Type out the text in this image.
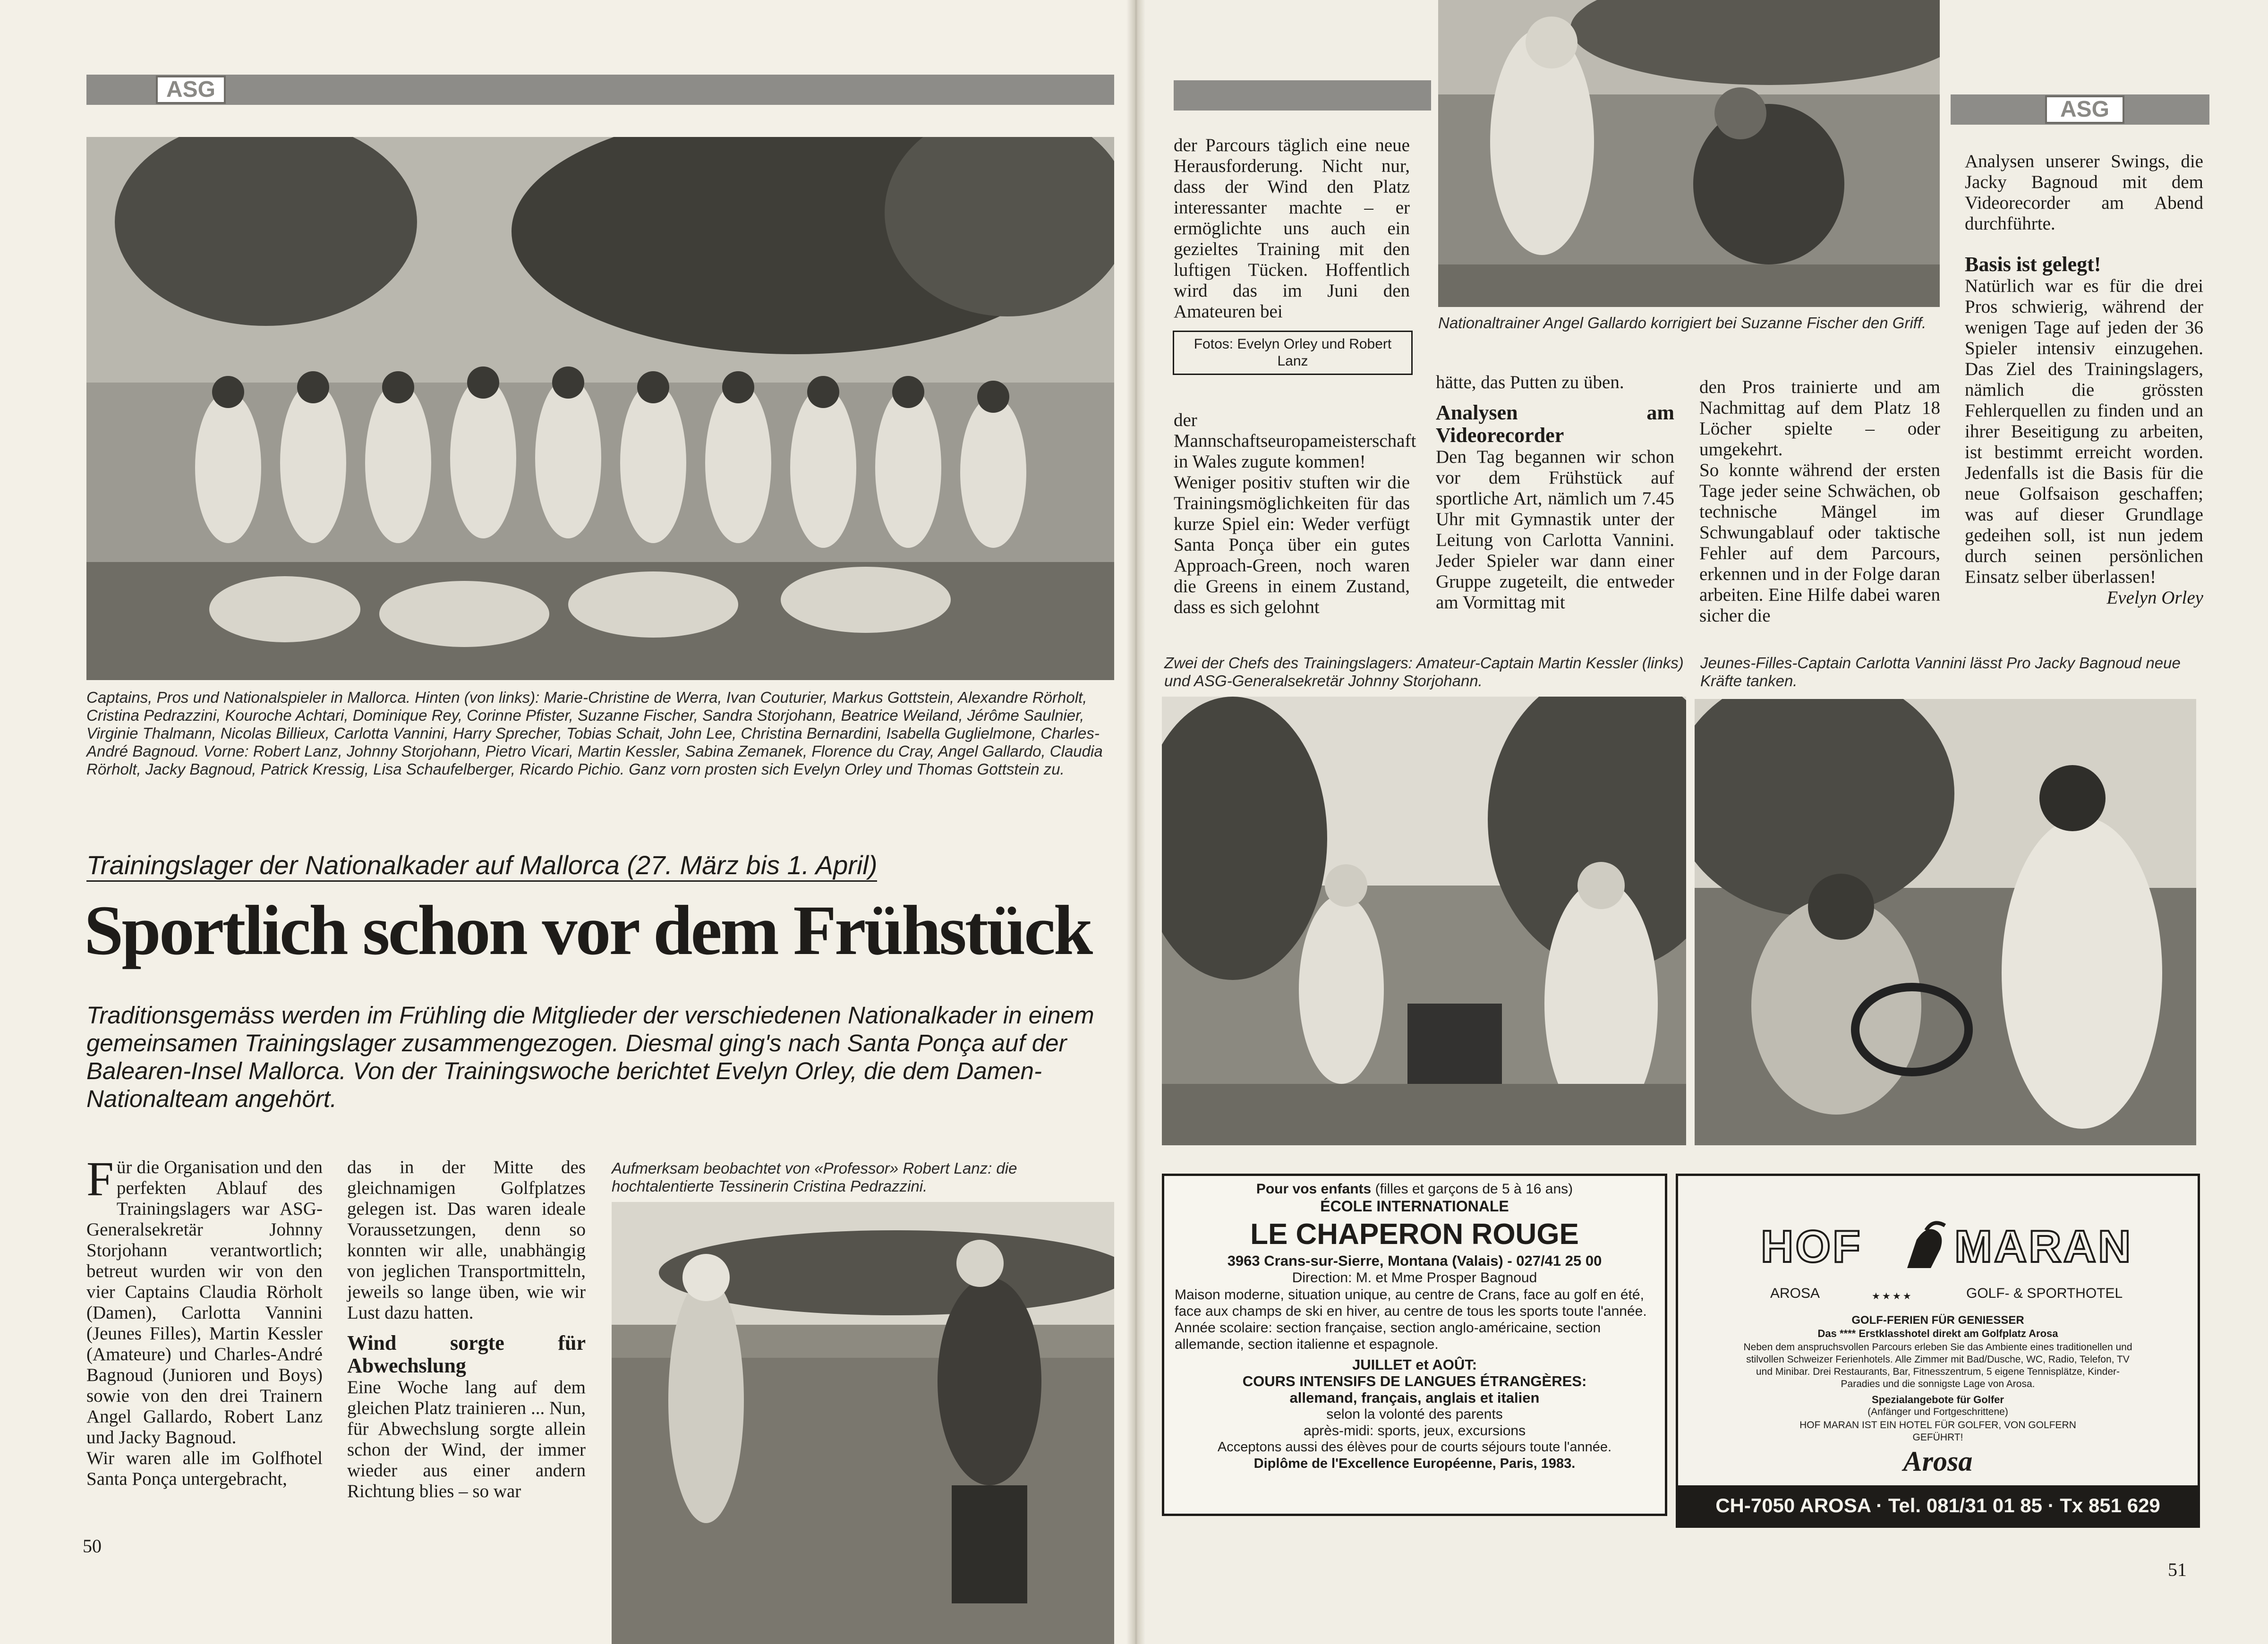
ASG
Captains, Pros und Nationalspieler in Mallorca. Hinten (von links): Marie-Christine de Werra, Ivan Couturier, Markus Gottstein, Alexandre Rörholt, Cristina Pedrazzini, Kouroche Achtari, Dominique Rey, Corinne Pfister, Suzanne Fischer, Sandra Storjohann, Beatrice Weiland, Jérôme Saulnier, Virginie Thalmann, Nicolas Billieux, Carlotta Vannini, Harry Sprecher, Tobias Schait, John Lee, Christina Bernardini, Isabella Guglielmone, Charles-André Bagnoud. Vorne: Robert Lanz, Johnny Storjohann, Pietro Vicari, Martin Kessler, Sabina Zemanek, Florence du Cray, Angel Gallardo, Claudia Rörholt, Jacky Bagnoud, Patrick Kressig, Lisa Schaufelberger, Ricardo Pichio. Ganz vorn prosten sich Evelyn Orley und Thomas Gottstein zu.
Trainingslager der Nationalkader auf Mallorca (27. März bis 1. April)
Sportlich schon vor dem Frühstück
Traditionsgemäss werden im Frühling die Mitglieder der verschiedenen Nationalkader in einem gemeinsamen Trainingslager zusammengezogen. Diesmal ging's nach Santa Ponça auf der Balearen-Insel Mallorca. Von der Trainingswoche berichtet Evelyn Orley, die dem Damen-Nationalteam angehört.

Für die Organisation und den perfekten Ablauf des Trainingslagers war ASG-Generalsekretär Johnny Storjohann verantwortlich; betreut wurden wir von den vier Captains Claudia Rörholt (Damen), Carlotta Vannini (Jeunes Filles), Martin Kessler (Amateure) und Charles-André Bagnoud (Junioren und Boys) sowie von den drei Trainern Angel Gallardo, Robert Lanz und Jacky Bagnoud.

Wir waren alle im Golfhotel Santa Ponça untergebracht,

das in der Mitte des gleichnamigen Golfplatzes gelegen ist. Das waren ideale Voraussetzungen, denn so konnten wir alle, unabhängig von jeglichen Transportmitteln, jeweils so lange üben, wie wir Lust dazu hatten.

Wind sorgte für Abwechslung

Eine Woche lang auf dem gleichen Platz trainieren ... Nun, für Abwechslung sorgte allein schon der Wind, der immer wieder aus einer andern Richtung blies – so war

Aufmerksam beobachtet von «Professor» Robert Lanz: die hochtalentierte Tessinerin Cristina Pedrazzini.
50
ASG

der Parcours täglich eine neue Herausforderung. Nicht nur, dass der Wind den Platz interessanter machte – er ermöglichte uns auch ein gezieltes Training mit den luftigen Tücken. Hoffentlich wird das im Juni den Amateuren bei

Fotos: Evelyn Orley und Robert Lanz

der Mannschaftseuropameisterschaft in Wales zugute kommen!

Weniger positiv stuften wir die Trainingsmöglichkeiten für das kurze Spiel ein: Weder verfügt Santa Ponça über ein gutes Approach-Green, noch waren die Greens in einem Zustand, dass es sich gelohnt

Nationaltrainer Angel Gallardo korrigiert bei Suzanne Fischer den Griff.

hätte, das Putten zu üben.

Analysen am Videorecorder

Den Tag begannen wir schon vor dem Frühstück auf sportliche Art, nämlich um 7.45 Uhr mit Gymnastik unter der Leitung von Carlotta Vannini. Jeder Spieler war dann einer Gruppe zugeteilt, die entweder am Vormittag mit

den Pros trainierte und am Nachmittag auf dem Platz 18 Löcher spielte – oder umgekehrt.

So konnte während der ersten Tage jeder seine Schwächen, ob technische Mängel im Schwungablauf oder taktische Fehler auf dem Parcours, erkennen und in der Folge daran arbeiten. Eine Hilfe dabei waren sicher die

Analysen unserer Swings, die Jacky Bagnoud mit dem Videorecorder am Abend durchführte.

Basis ist gelegt!

Natürlich war es für die drei Pros schwierig, während der wenigen Tage auf jeden der 36 Spieler intensiv einzugehen. Das Ziel des Trainingslagers, nämlich die grössten Fehlerquellen zu finden und an ihrer Beseitigung zu arbeiten, ist bestimmt erreicht worden. Jedenfalls ist die Basis für die neue Golfsaison geschaffen; was auf dieser Grundlage gedeihen soll, ist nun jedem durch seinen persönlichen Einsatz selber überlassen!

Evelyn Orley

Zwei der Chefs des Trainingslagers: Amateur-Captain Martin Kessler (links) und ASG-Generalsekretär Johnny Storjohann.
Jeunes-Filles-Captain Carlotta Vannini lässt Pro Jacky Bagnoud neue Kräfte tanken.
Pour vos enfants (filles et garçons de 5 à 16 ans)
ÉCOLE INTERNATIONALE
LE CHAPERON ROUGE
3963 Crans-sur-Sierre, Montana (Valais) - 027/41 25 00
Direction: M. et Mme Prosper Bagnoud
Maison moderne, situation unique, au centre de Crans, face au golf en été, face aux champs de ski en hiver, au centre de tous les sports toute l'année.
Année scolaire: section française, section anglo-américaine, section allemande, section italienne et espagnole.
JUILLET et AOÛT:
COURS INTENSIFS DE LANGUES ÉTRANGÈRES:
allemand, français, anglais et italien
selon la volonté des parents
après-midi: sports, jeux, excursions
Acceptons aussi des élèves pour de courts séjours toute l'année.
Diplôme de l'Excellence Européenne, Paris, 1983.
HOF MARAN
AROSA	★★★★	GOLF- & SPORTHOTEL
GOLF-FERIEN FÜR GENIESSER
Das **** Erstklasshotel direkt am Golfplatz Arosa
Neben dem anspruchsvollen Parcours erleben Sie das Ambiente eines traditionellen und stilvollen Schweizer Ferienhotels. Alle Zimmer mit Bad/Dusche, WC, Radio, Telefon, TV und Minibar. Drei Restaurants, Bar, Fitnesszentrum, 5 eigene Tennisplätze, Kinder-Paradies und die sonnigste Lage von Arosa.
Spezialangebote für Golfer
(Anfänger und Fortgeschrittene)
HOF MARAN IST EIN HOTEL FÜR GOLFER, VON GOLFERN GEFÜHRT!
Arosa
CH-7050 AROSA · Tel. 081/31 01 85 · Tx 851 629
51
